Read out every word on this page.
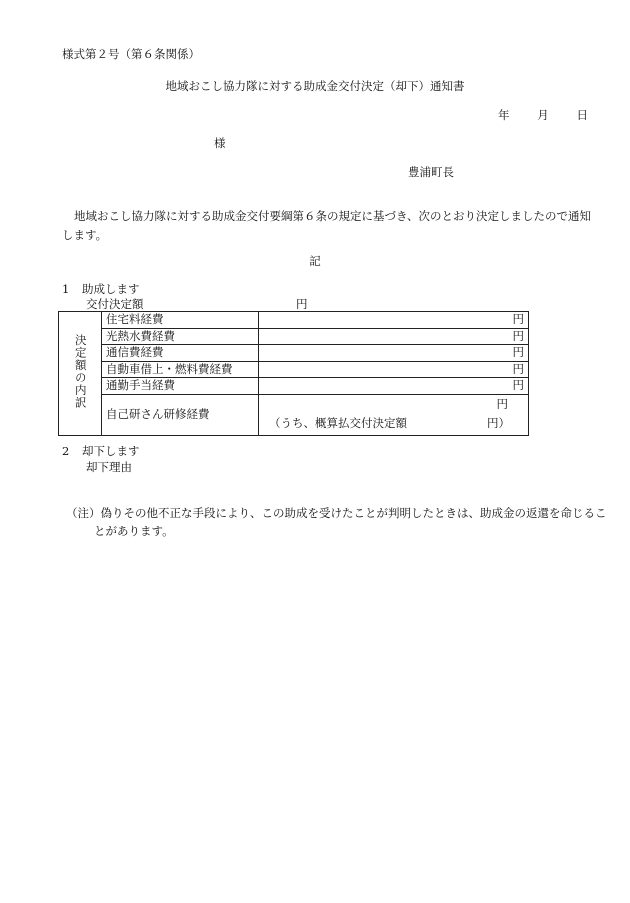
様式第２号（第６条関係）
地域おこし協力隊に対する助成金交付決定（却下）通知書
年 月 日
様
豊浦町長
地域おこし協力隊に対する助成金交付要綱第６条の規定に基づき、次のとおり決定しましたので通知します。
記
1 助成します
交付決定額	円
決定額の内訳	住宅料経費	円
	光熱水費経費	円
	通信費経費	円
	自動車借上・燃料費経費	円
	通勤手当経費	円
	自己研さん研修経費	円
（うち、概算払交付決定額 円）
2 却下します
却下理由
（注）偽りその他不正な手段により、この助成を受けたことが判明したときは、助成金の返還を命じることがあります。
